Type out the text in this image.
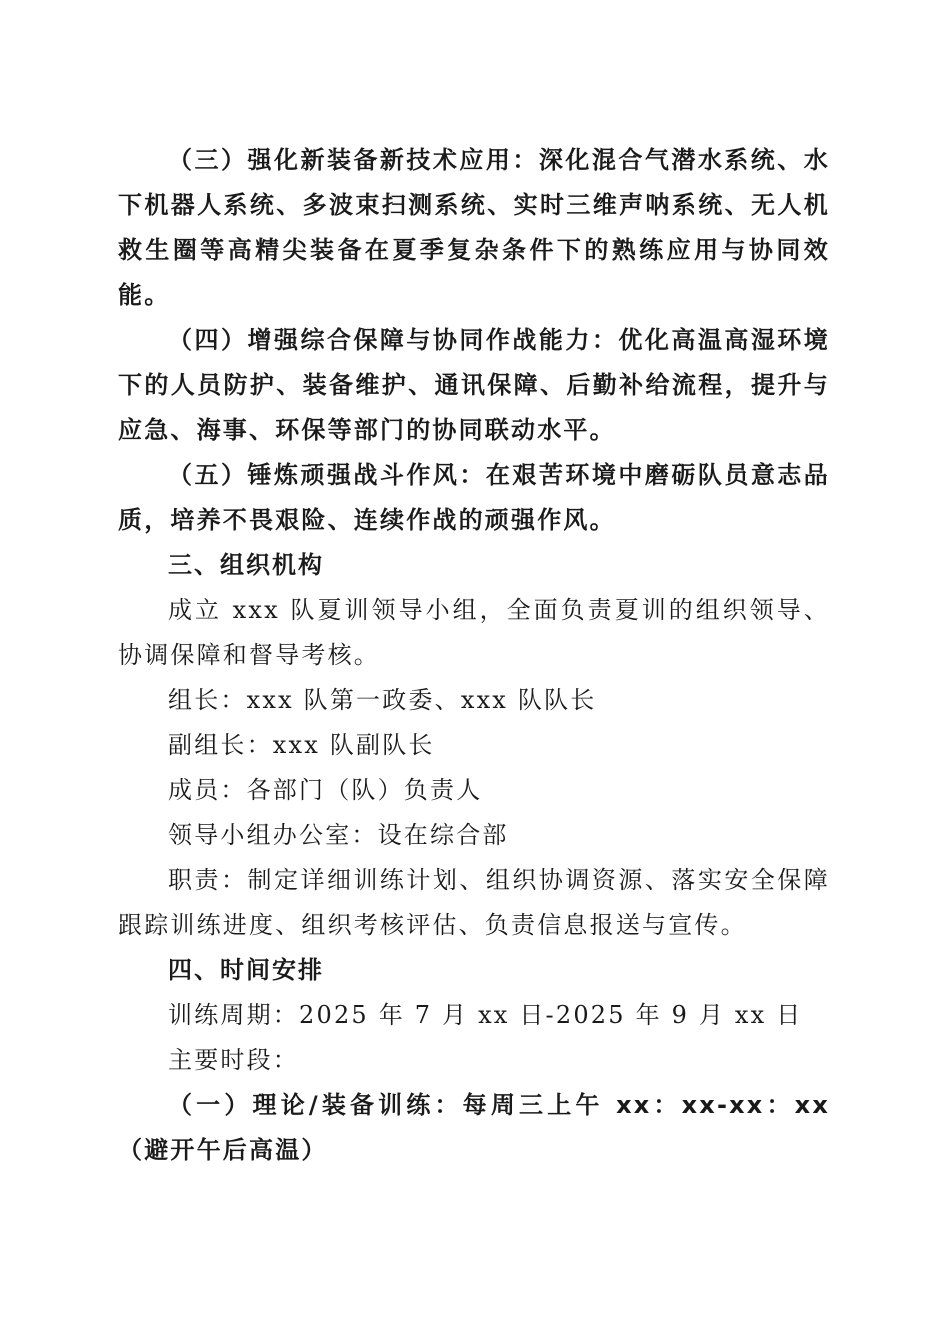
（三）强化新装备新技术应用：深化混合气潜水系统、水下机器人系统、多波束扫测系统、实时三维声呐系统、无人机救生圈等高精尖装备在夏季复杂条件下的熟练应用与协同效能。

（四）增强综合保障与协同作战能力：优化高温高湿环境下的人员防护、装备维护、通讯保障、后勤补给流程，提升与应急、海事、环保等部门的协同联动水平。

（五）锤炼顽强战斗作风：在艰苦环境中磨砺队员意志品质，培养不畏艰险、连续作战的顽强作风。

三、组织机构

成立 xxx 队夏训领导小组，全面负责夏训的组织领导、协调保障和督导考核。

组长：xxx 队第一政委、xxx 队队长

副组长：xxx 队副队长

成员：各部门（队）负责人

领导小组办公室：设在综合部

职责：制定详细训练计划、组织协调资源、落实安全保障跟踪训练进度、组织考核评估、负责信息报送与宣传。

四、时间安排

训练周期：2025 年 7 月 xx 日-2025 年 9 月 xx 日

主要时段：

（一）理论/装备训练：每周三上午 xx：xx-xx：xx（避开午后高温）
